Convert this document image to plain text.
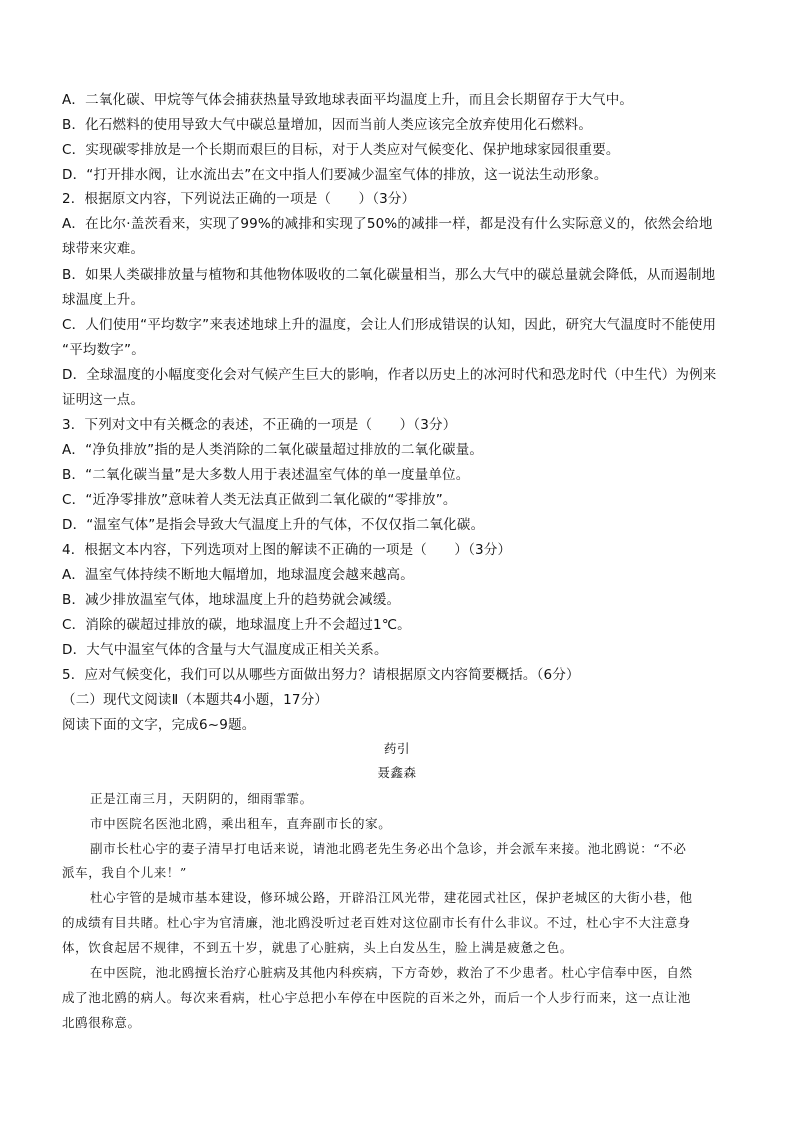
A．二氧化碳、甲烷等气体会捕获热量导致地球表面平均温度上升，而且会长期留存于大气中。
B．化石燃料的使用导致大气中碳总量增加，因而当前人类应该完全放弃使用化石燃料。
C．实现碳零排放是一个长期而艰巨的目标，对于人类应对气候变化、保护地球家园很重要。
D．“打开排水阀，让水流出去”在文中指人们要减少温室气体的排放，这一说法生动形象。
2．根据原文内容，下列说法正确的一项是（　　）（3分）
A．在比尔·盖茨看来，实现了99%的减排和实现了50%的减排一样，都是没有什么实际意义的，依然会给地
球带来灾难。
B．如果人类碳排放量与植物和其他物体吸收的二氧化碳量相当，那么大气中的碳总量就会降低，从而遏制地
球温度上升。
C．人们使用“平均数字”来表述地球上升的温度，会让人们形成错误的认知，因此，研究大气温度时不能使用
“平均数字”。
D．全球温度的小幅度变化会对气候产生巨大的影响，作者以历史上的冰河时代和恐龙时代（中生代）为例来
证明这一点。
3．下列对文中有关概念的表述，不正确的一项是（　　）（3分）
A．“净负排放”指的是人类消除的二氧化碳量超过排放的二氧化碳量。
B．“二氧化碳当量”是大多数人用于表述温室气体的单一度量单位。
C．“近净零排放”意味着人类无法真正做到二氧化碳的“零排放”。
D．“温室气体”是指会导致大气温度上升的气体，不仅仅指二氧化碳。
4．根据文本内容，下列选项对上图的解读不正确的一项是（　　）（3分）
A．温室气体持续不断地大幅增加，地球温度会越来越高。
B．减少排放温室气体，地球温度上升的趋势就会减缓。
C．消除的碳超过排放的碳，地球温度上升不会超过1℃。
D．大气中温室气体的含量与大气温度成正相关关系。
5．应对气候变化，我们可以从哪些方面做出努力？请根据原文内容简要概括。（6分）
（二）现代文阅读Ⅱ（本题共4小题，17分）
阅读下面的文字，完成6~9题。
药引
聂鑫森
正是江南三月，天阴阴的，细雨霏霏。
市中医院名医池北鸥，乘出租车，直奔副市长的家。
副市长杜心宇的妻子清早打电话来说，请池北鸥老先生务必出个急诊，并会派车来接。池北鸥说：“不必
派车，我自个儿来！”
杜心宇管的是城市基本建设，修环城公路，开辟沿江风光带，建花园式社区，保护老城区的大街小巷，他
的成绩有目共睹。杜心宇为官清廉，池北鸥没听过老百姓对这位副市长有什么非议。不过，杜心宇不大注意身
体，饮食起居不规律，不到五十岁，就患了心脏病，头上白发丛生，脸上满是疲惫之色。
在中医院，池北鸥擅长治疗心脏病及其他内科疾病，下方奇妙，救治了不少患者。杜心宇信奉中医，自然
成了池北鸥的病人。每次来看病，杜心宇总把小车停在中医院的百米之外，而后一个人步行而来，这一点让池
北鸥很称意。
